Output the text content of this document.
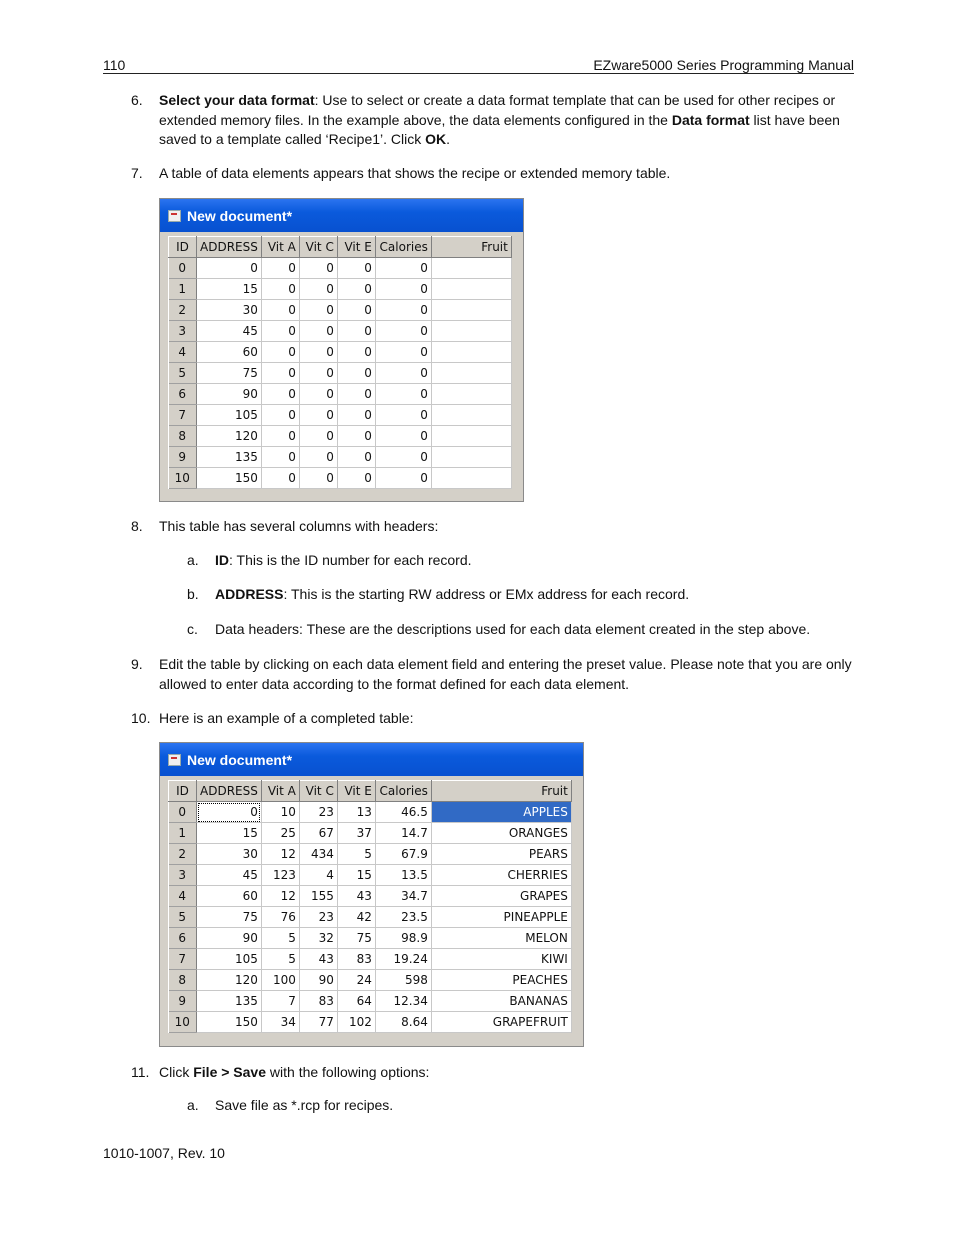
110	EZware5000 Series Programming Manual
6. Select your data format: Use to select or create a data format template that can be used for other recipes or extended memory files. In the example above, the data elements configured in the Data format list have been saved to a template called ‘Recipe1’. Click OK.
7. A table of data elements appears that shows the recipe or extended memory table.
New document*
ID	ADDRESS	Vit A	Vit C	Vit E	Calories	Fruit
0	0	0	0	0	0	
1	15	0	0	0	0	
2	30	0	0	0	0	
3	45	0	0	0	0	
4	60	0	0	0	0	
5	75	0	0	0	0	
6	90	0	0	0	0	
7	105	0	0	0	0	
8	120	0	0	0	0	
9	135	0	0	0	0	
10	150	0	0	0	0	
8. This table has several columns with headers:
a. ID: This is the ID number for each record.
b. ADDRESS: This is the starting RW address or EMx address for each record.
c. Data headers: These are the descriptions used for each data element created in the step above.
9. Edit the table by clicking on each data element field and entering the preset value. Please note that you are only allowed to enter data according to the format defined for each data element.
10. Here is an example of a completed table:
New document*
ID	ADDRESS	Vit A	Vit C	Vit E	Calories	Fruit
0	0	10	23	13	46.5	APPLES
1	15	25	67	37	14.7	ORANGES
2	30	12	434	5	67.9	PEARS
3	45	123	4	15	13.5	CHERRIES
4	60	12	155	43	34.7	GRAPES
5	75	76	23	42	23.5	PINEAPPLE
6	90	5	32	75	98.9	MELON
7	105	5	43	83	19.24	KIWI
8	120	100	90	24	598	PEACHES
9	135	7	83	64	12.34	BANANAS
10	150	34	77	102	8.64	GRAPEFRUIT
11. Click File > Save with the following options:
a. Save file as *.rcp for recipes.
1010-1007, Rev. 10
